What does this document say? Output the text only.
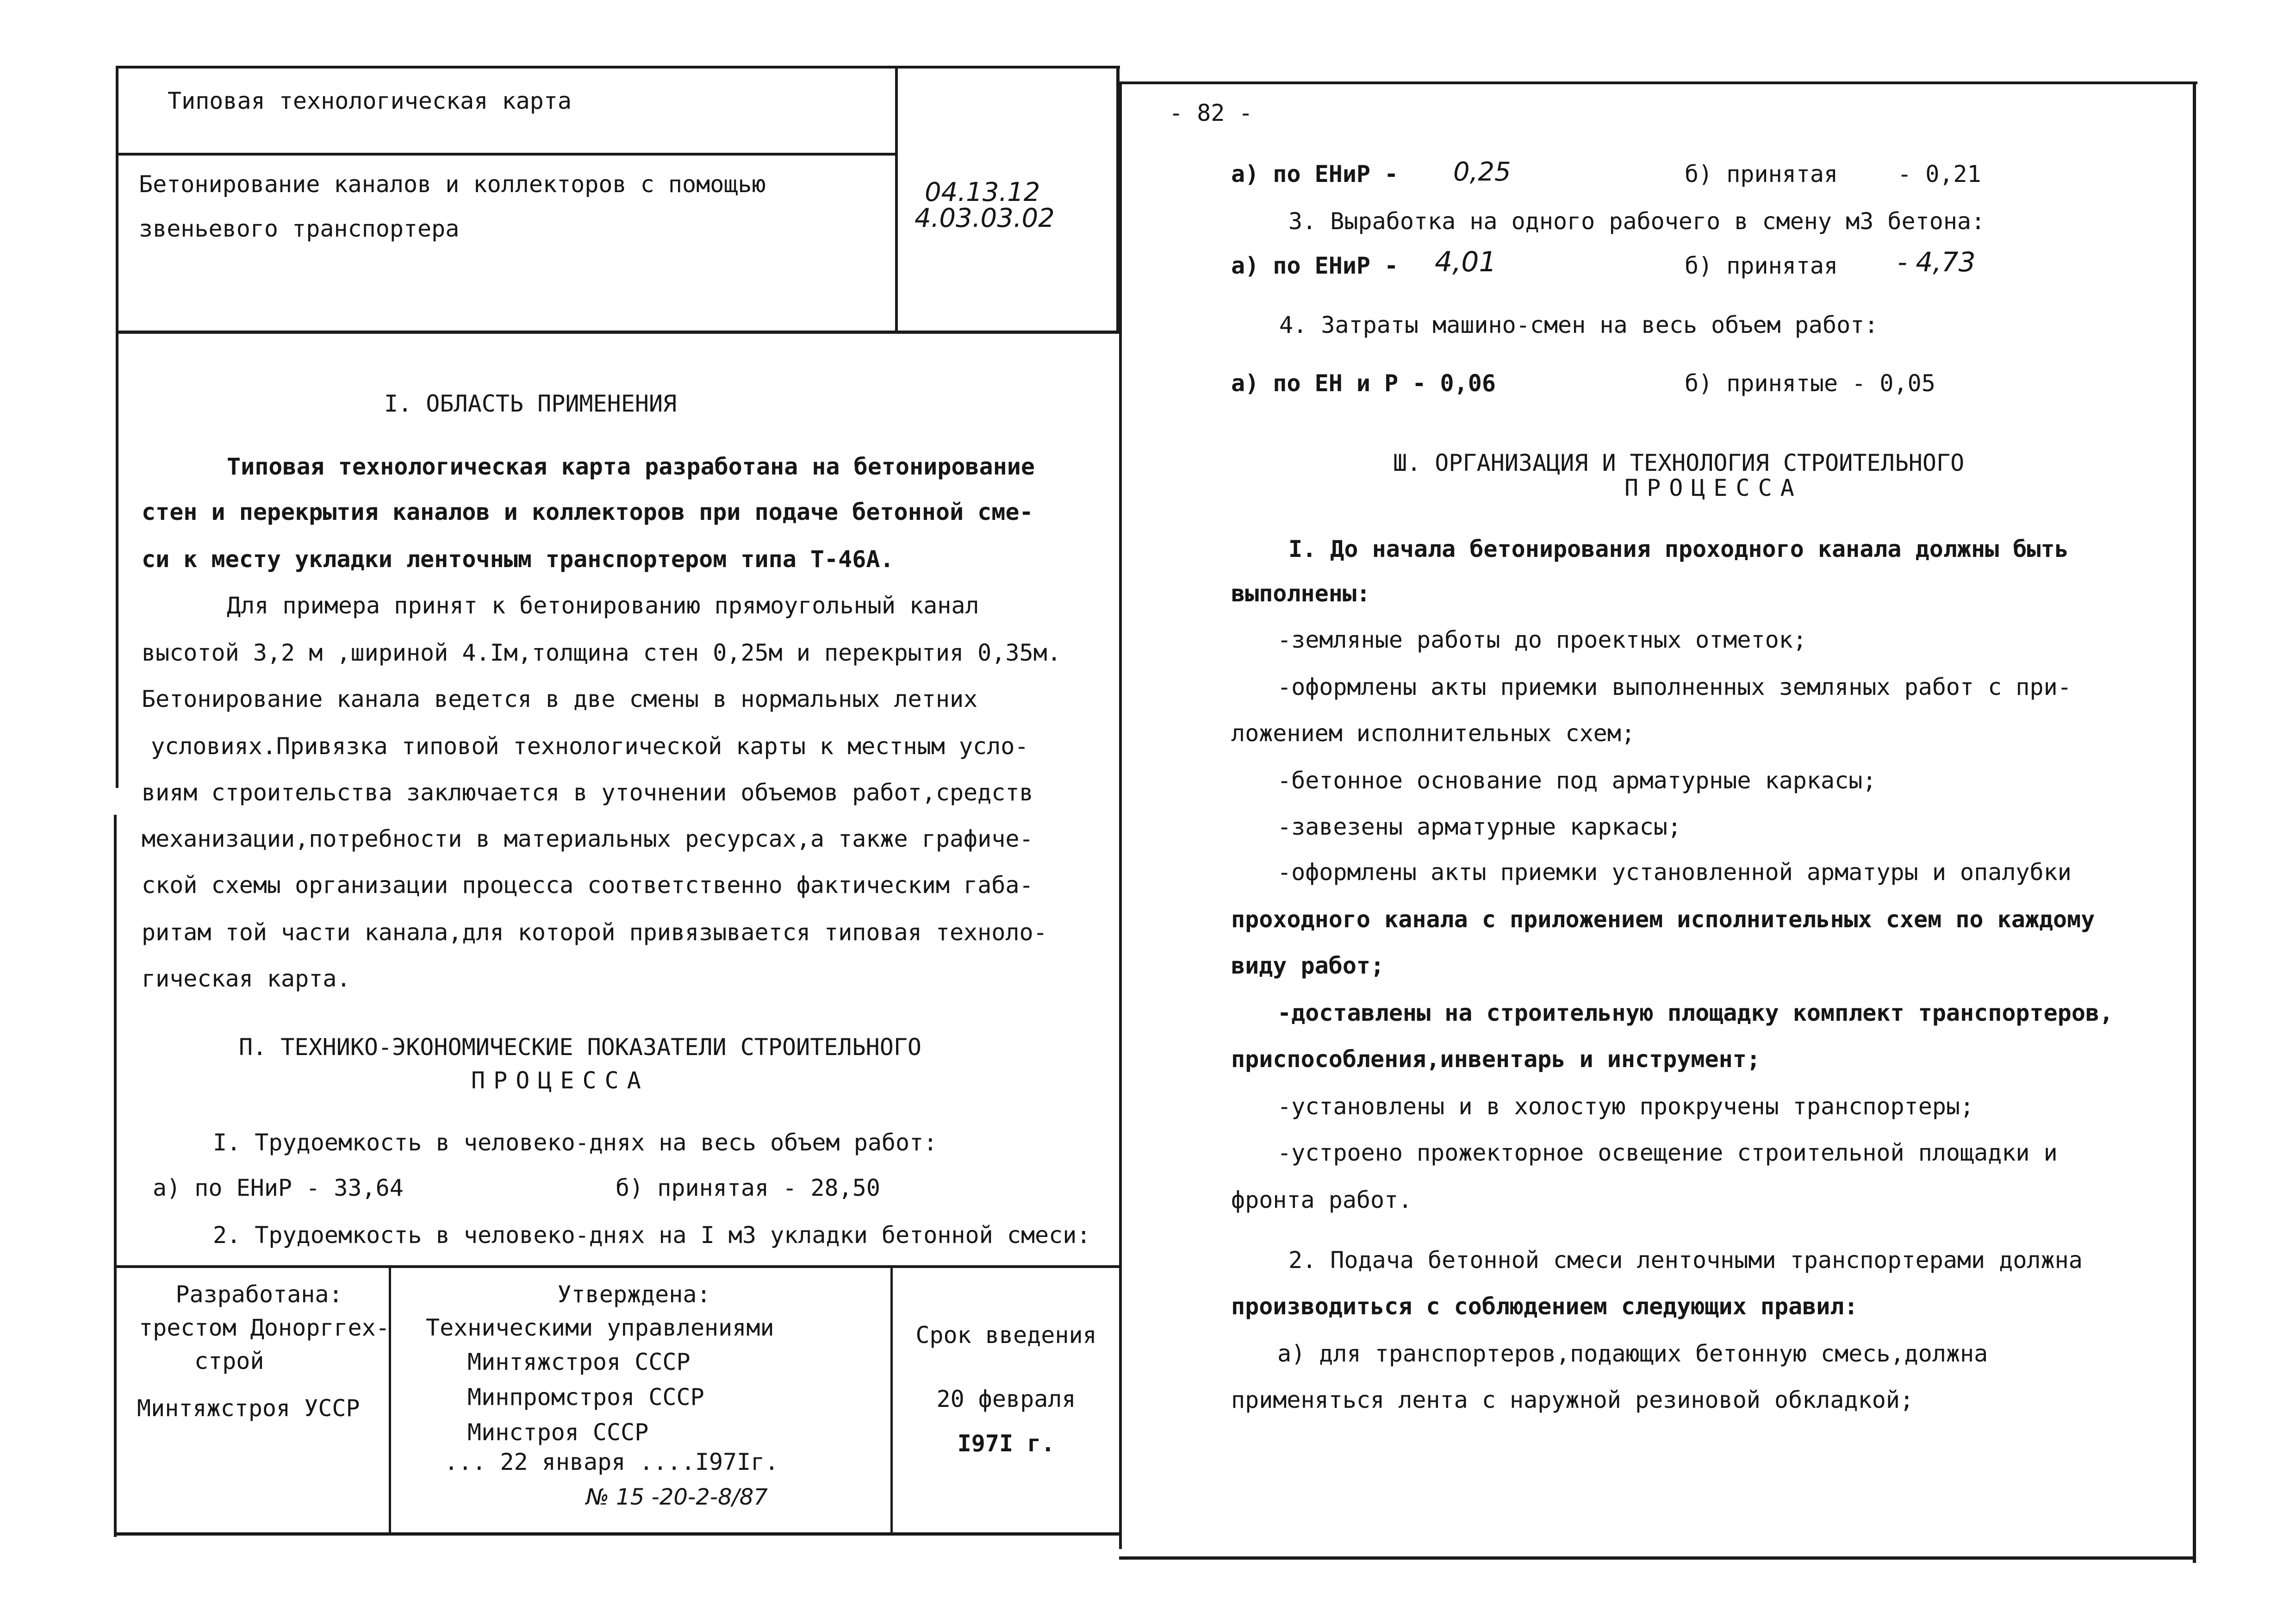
Типовая технологическая карта
Бетонирование каналов и коллекторов с помощью
звеньевого транспортера
04.13.12
4.03.03.02
I. ОБЛАСТЬ ПРИМЕНЕНИЯ
Типовая технологическая карта разработана на бетонирование
стен и перекрытия каналов и коллекторов при подаче бетонной сме-
си к месту укладки ленточным транспортером типа Т-46А.
Для примера принят к бетонированию прямоугольный канал
высотой 3,2 м ,шириной 4.Iм,толщина стен 0,25м и перекрытия 0,35м.
Бетонирование канала ведется в две смены в нормальных летних
условиях.Привязка типовой технологической карты к местным усло-
виям строительства заключается в уточнении объемов работ,средств
механизации,потребности в материальных ресурсах,а также графиче-
ской схемы организации процесса соответственно фактическим габа-
ритам той части канала,для которой привязывается типовая техноло-
гическая карта.
П. ТЕХНИКО-ЭКОНОМИЧЕСКИЕ ПОКАЗАТЕЛИ СТРОИТЕЛЬНОГО
ПРОЦЕССА
I. Трудоемкость в человеко-днях на весь объем работ:
а) по ЕНиР - 33,64	б) принятая - 28,50
2. Трудоемкость в человеко-днях на I м3 укладки бетонной смеси:
Разработана:
трестом Донорггех-
строй
Минтяжстроя УССР
Утверждена:
Техническими управлениями
Минтяжстроя СССР
Минпромстроя СССР
Минстроя СССР
... 22 января ....I97Iг.
№ 15 -20-2-8/87
Срок введения
20 февраля
I97I г.
- 82 -
а) по ЕНиР - 0,25	б) принятая	- 0,21
3. Выработка на одного рабочего в смену м3 бетона:
а) по ЕНиР - 4,01	б) принятая - 4,73
4. Затраты машино-смен на весь объем работ:
а) по ЕН и Р - 0,06	б) принятые - 0,05
Ш. ОРГАНИЗАЦИЯ И ТЕХНОЛОГИЯ СТРОИТЕЛЬНОГО
ПРОЦЕССА
I. До начала бетонирования проходного канала должны быть
выполнены:
-земляные работы до проектных отметок;
-оформлены акты приемки выполненных земляных работ с при-
ложением исполнительных схем;
-бетонное основание под арматурные каркасы;
-завезены арматурные каркасы;
-оформлены акты приемки установленной арматуры и опалубки
проходного канала с приложением исполнительных схем по каждому
виду работ;
-доставлены на строительную площадку комплект транспортеров,
приспособления,инвентарь и инструмент;
-установлены и в холостую прокручены транспортеры;
-устроено прожекторное освещение строительной площадки и
фронта работ.
2. Подача бетонной смеси ленточными транспортерами должна
производиться с соблюдением следующих правил:
а) для транспортеров,подающих бетонную смесь,должна
применяться лента с наружной резиновой обкладкой;
